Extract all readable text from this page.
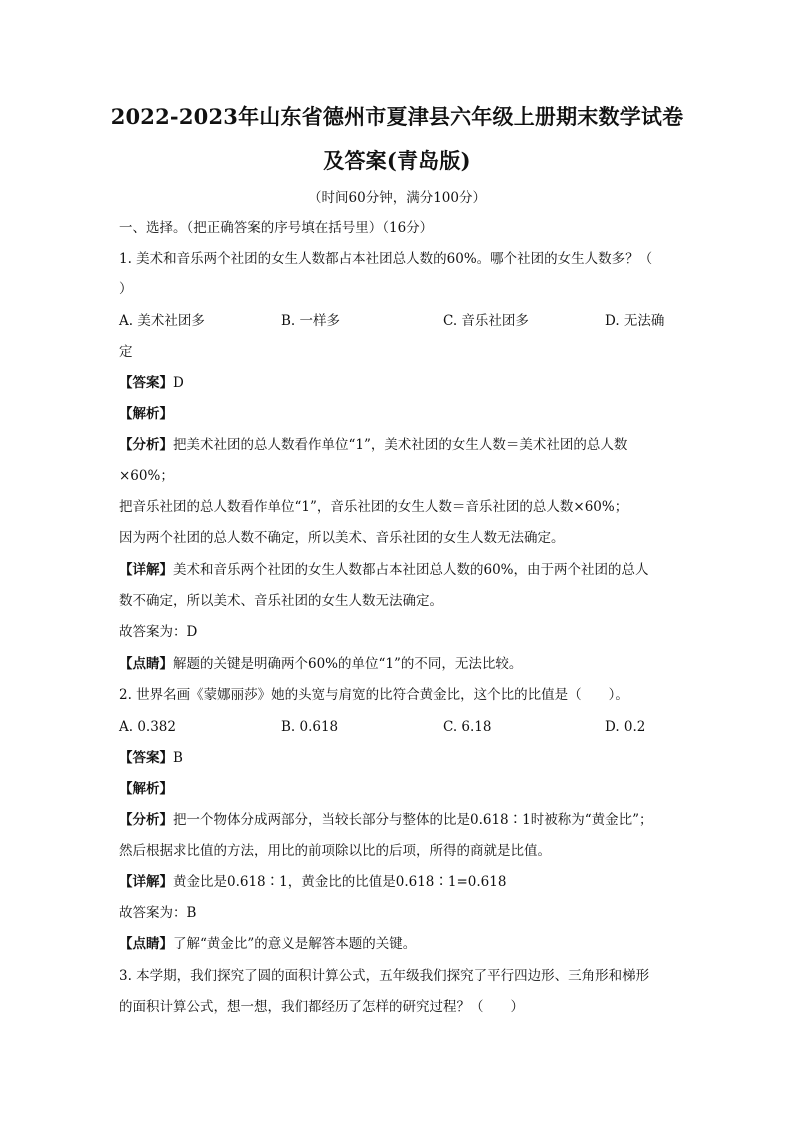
2022-2023年山东省德州市夏津县六年级上册期末数学试卷
及答案(青岛版)
（时间60分钟，满分100分）
一、选择。（把正确答案的序号填在括号里）（16分）
1. 美术和音乐两个社团的女生人数都占本社团总人数的60%。哪个社团的女生人数多？（
）
A. 美术社团多	B. 一样多	C. 音乐社团多	D. 无法确
定
【答案】D
【解析】
【分析】把美术社团的总人数看作单位“1”，美术社团的女生人数＝美术社团的总人数
×60%；
把音乐社团的总人数看作单位“1”，音乐社团的女生人数＝音乐社团的总人数×60%；
因为两个社团的总人数不确定，所以美术、音乐社团的女生人数无法确定。
【详解】美术和音乐两个社团的女生人数都占本社团总人数的60%，由于两个社团的总人
数不确定，所以美术、音乐社团的女生人数无法确定。
故答案为：D
【点睛】解题的关键是明确两个60%的单位“1”的不同，无法比较。
2. 世界名画《蒙娜丽莎》她的头宽与肩宽的比符合黄金比，这个比的比值是（　　）。
A. 0.382	B. 0.618	C. 6.18	D. 0.2
【答案】B
【解析】
【分析】把一个物体分成两部分，当较长部分与整体的比是0.618∶1时被称为“黄金比”；
然后根据求比值的方法，用比的前项除以比的后项，所得的商就是比值。
【详解】黄金比是0.618∶1，黄金比的比值是0.618∶1=0.618
故答案为：B
【点睛】了解“黄金比”的意义是解答本题的关键。
3. 本学期，我们探究了圆的面积计算公式，五年级我们探究了平行四边形、三角形和梯形
的面积计算公式，想一想，我们都经历了怎样的研究过程？（　　）
